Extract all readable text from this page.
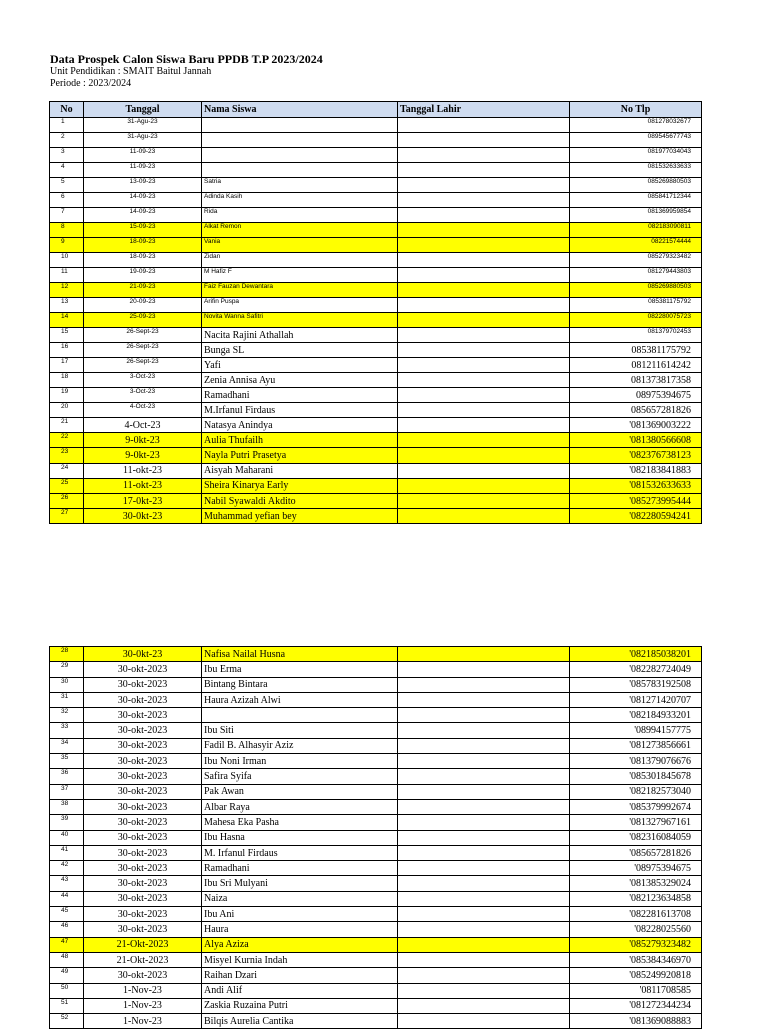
Data Prospek Calon Siswa Baru PPDB T.P 2023/2024
Unit Pendidikan : SMAIT Baitul Jannah
Periode : 2023/2024
No	Tanggal	Nama Siswa	Tanggal Lahir	No Tlp
1	31-Agu-23			081278032677
2	31-Agu-23			089545677743
3	11-09-23			081977034043
4	11-09-23			081532633633
5	13-09-23	Satria		085269880503
6	14-09-23	Adinda Kasih		085841712344
7	14-09-23	Rida		081369959854
8	15-09-23	Alkat Remon		082183090811
9	18-09-23	Vania		08221574444
10	18-09-23	Zidan		085279323482
11	19-09-23	M Hafiz F		081279443803
12	21-09-23	Faiz Fauzan Dewantara		085269880503
13	20-09-23	Arifin Puspa		085381175792
14	25-09-23	Novita Wanna Safitri		082280075723
15	26-Sept-23	Nacita Rajini Athallah		081379702453
16	26-Sept-23	Bunga SL		085381175792
17	26-Sept-23	Yafi		081211614242
18	3-Oct-23	Zenia Annisa Ayu		081373817358
19	3-Oct-23	Ramadhani		08975394675
20	4-Oct-23	M.Irfanul Firdaus		085657281826
21	4-Oct-23	Natasya Anindya		'081369003222
22	9-0kt-23	Aulia Thufailh		'081380566608
23	9-0kt-23	Nayla Putri Prasetya		'082376738123
24	11-okt-23	Aisyah Maharani		'082183841883
25	11-okt-23	Sheira Kinarya Early		'081532633633
26	17-0kt-23	Nabil Syawaldi Akdito		'085273995444
27	30-0kt-23	Muhammad yefian bey		'082280594241
28	30-0kt-23	Nafisa Nailal Husna		'082185038201
29	30-okt-2023	Ibu Erma		'082282724049
30	30-okt-2023	Bintang Bintara		'085783192508
31	30-okt-2023	Haura Azizah Alwi		'081271420707
32	30-okt-2023			'082184933201
33	30-okt-2023	Ibu Siti		'08994157775
34	30-okt-2023	Fadil B. Alhasyir Aziz		'081273856661
35	30-okt-2023	Ibu Noni Irman		'081379076676
36	30-okt-2023	Safira Syifa		'085301845678
37	30-okt-2023	Pak Awan		'082182573040
38	30-okt-2023	Albar Raya		'085379992674
39	30-okt-2023	Mahesa Eka Pasha		'081327967161
40	30-okt-2023	Ibu Hasna		'082316084059
41	30-okt-2023	M. Irfanul Firdaus		'085657281826
42	30-okt-2023	Ramadhani		'08975394675
43	30-okt-2023	Ibu Sri Mulyani		'081385329024
44	30-okt-2023	Naiza		'082123634858
45	30-okt-2023	Ibu Ani		'082281613708
46	30-okt-2023	Haura		'08228025560
47	21-Okt-2023	Alya Aziza		'085279323482
48	21-Okt-2023	Misyel Kurnia Indah		'085384346970
49	30-okt-2023	Raihan Dzari		'085249920818
50	1-Nov-23	Andi Alif		'0811708585
51	1-Nov-23	Zaskia Ruzaina Putri		'081272344234
52	1-Nov-23	Bilqis Aurelia Cantika		'081369088883
